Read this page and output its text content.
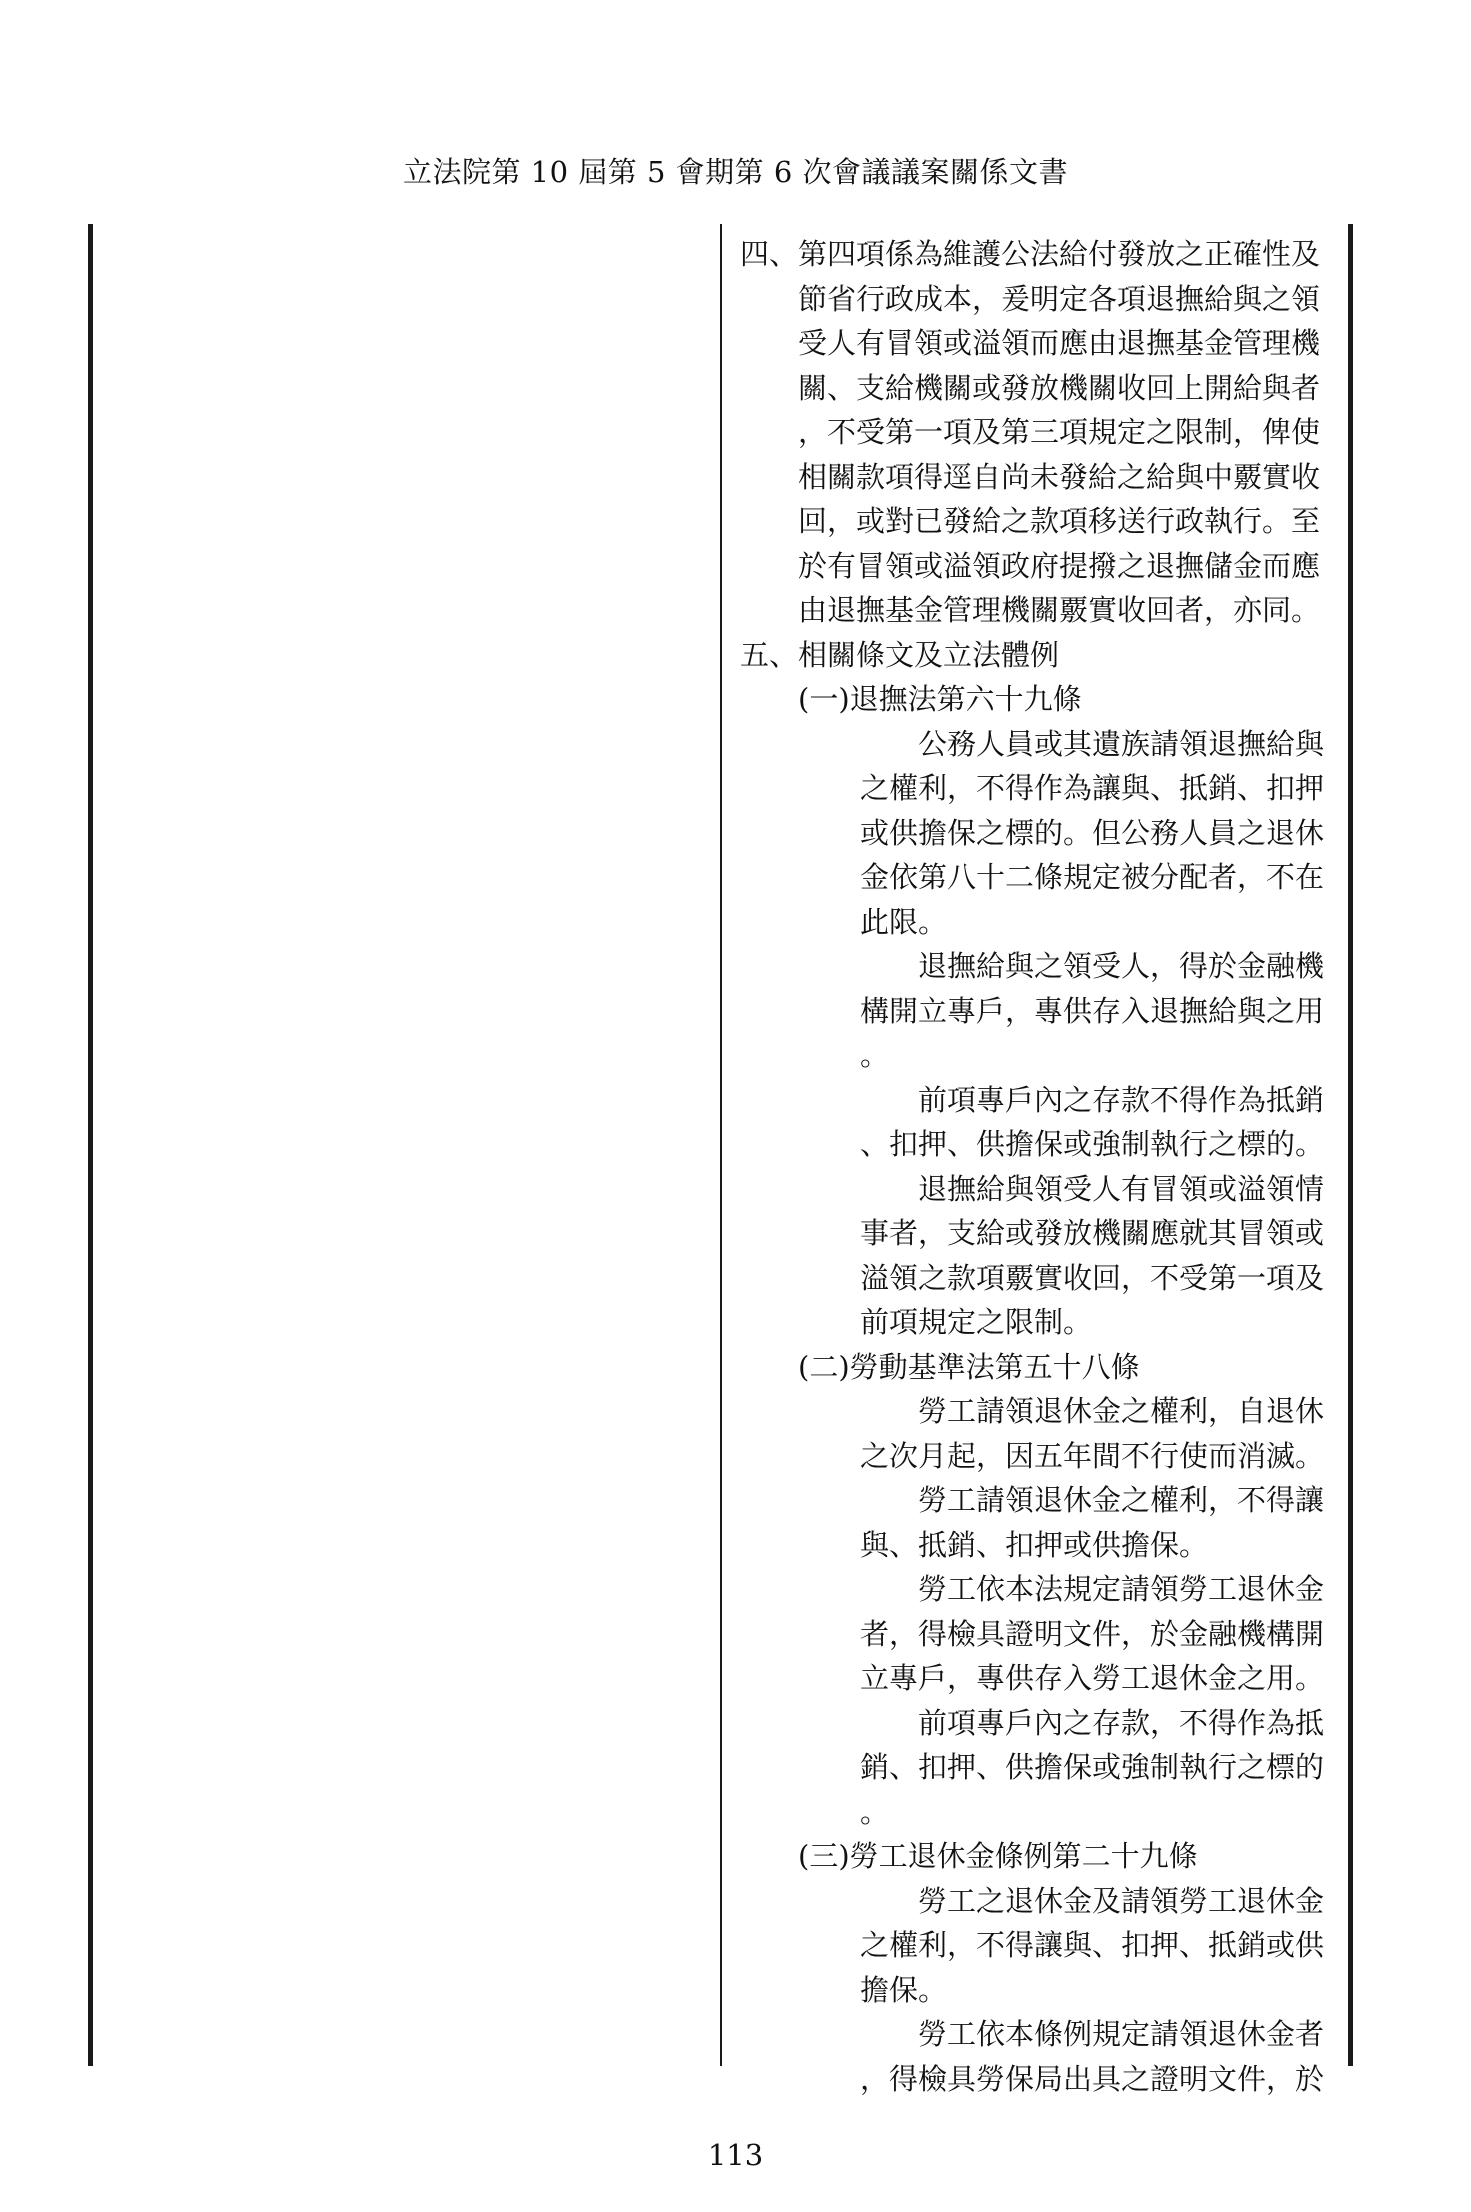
立法院第 10 屆第 5 會期第 6 次會議議案關係文書
四、第四項係為維護公法給付發放之正確性及
節省行政成本，爰明定各項退撫給與之領
受人有冒領或溢領而應由退撫基金管理機
關、支給機關或發放機關收回上開給與者
，不受第一項及第三項規定之限制，俾使
相關款項得逕自尚未發給之給與中覈實收
回，或對已發給之款項移送行政執行。至
於有冒領或溢領政府提撥之退撫儲金而應
由退撫基金管理機關覈實收回者，亦同。
五、相關條文及立法體例
(一)退撫法第六十九條
公務人員或其遺族請領退撫給與
之權利，不得作為讓與、抵銷、扣押
或供擔保之標的。但公務人員之退休
金依第八十二條規定被分配者，不在
此限。
退撫給與之領受人，得於金融機
構開立專戶，專供存入退撫給與之用
。
前項專戶內之存款不得作為抵銷
、扣押、供擔保或強制執行之標的。
退撫給與領受人有冒領或溢領情
事者，支給或發放機關應就其冒領或
溢領之款項覈實收回，不受第一項及
前項規定之限制。
(二)勞動基準法第五十八條
勞工請領退休金之權利，自退休
之次月起，因五年間不行使而消滅。
勞工請領退休金之權利，不得讓
與、抵銷、扣押或供擔保。
勞工依本法規定請領勞工退休金
者，得檢具證明文件，於金融機構開
立專戶，專供存入勞工退休金之用。
前項專戶內之存款，不得作為抵
銷、扣押、供擔保或強制執行之標的
。
(三)勞工退休金條例第二十九條
勞工之退休金及請領勞工退休金
之權利，不得讓與、扣押、抵銷或供
擔保。
勞工依本條例規定請領退休金者
，得檢具勞保局出具之證明文件，於
113
